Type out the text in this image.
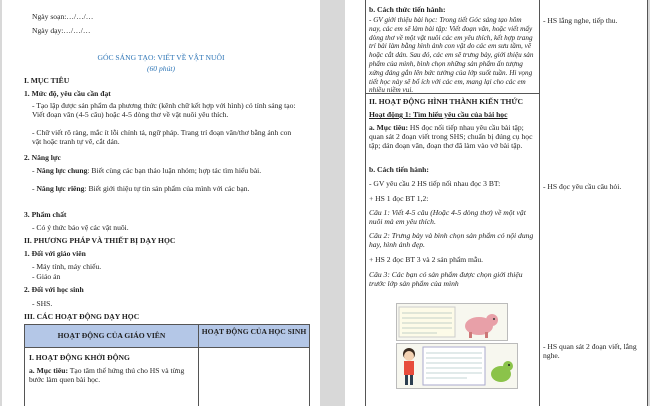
Ngày soạn:…/…/…
Ngày dạy:…/…/…
GÓC SÁNG TẠO: VIẾT VỀ VẬT NUÔI
(60 phút)
I. MỤC TIÊU
1. Mức độ, yêu cầu cần đạt
- Tạo lập được sản phẩm đa phương thức (kênh chữ kết hợp với hình) có tính sáng tạo: Viết đoạn văn (4-5 câu) hoặc 4-5 dòng thơ về vật nuôi yêu thích.
- Chữ viết rõ ràng, mắc ít lỗi chính tả, ngữ pháp. Trang trí đoạn văn/thơ bằng ảnh con vật hoặc tranh tự vẽ, cắt dán.
2. Năng lực
- Năng lực chung: Biết cùng các bạn thảo luận nhóm; hợp tác tìm hiểu bài.
- Năng lực riêng: Biết giới thiệu tự tin sản phẩm của mình với các bạn.
3. Phẩm chất
- Có ý thức bảo vệ các vật nuôi.
II. PHƯƠNG PHÁP VÀ THIẾT BỊ DẠY HỌC
1. Đối với giáo viên
- Máy tính, máy chiếu.
- Giáo án
2. Đối với học sinh
- SHS.
III. CÁC HOẠT ĐỘNG DẠY HỌC
HOẠT ĐỘNG CỦA GIÁO VIÊN	HOẠT ĐỘNG CỦA HỌC SINH
I. HOẠT ĐỘNG KHỞI ĐỘNG
a. Mục tiêu: Tạo tâm thế hứng thú cho HS và từng bước làm quen bài học.
b. Cách thức tiến hành:
- GV giới thiệu bài học: Trong tiết Góc sáng tạo hôm nay, các em sẽ làm bài tập: Viết đoạn văn, hoặc viết mấy dòng thơ về một vật nuôi các em yêu thích, kết hợp trang trí bài làm bằng hình ảnh con vật do các em sưu tầm, vẽ hoặc cắt dán. Sau đó, các em sẽ trưng bày, giới thiệu sản phẩm của mình, bình chọn những sản phẩm ấn tượng xứng đáng gắn lên bức tường của lớp suốt tuần. Hi vọng tiết học này sẽ bổ ích với các em, mang lại cho các em nhiều niềm vui.
- HS lắng nghe, tiếp thu.
II. HOẠT ĐỘNG HÌNH THÀNH KIẾN THỨC
Hoạt động 1: Tìm hiểu yêu cầu của bài học
a. Mục tiêu: HS đọc nối tiếp nhau yêu cầu bài tập; quan sát 2 đoạn viết trong SHS; chuẩn bị đúng cụ học tập; dán đoạn văn, đoạn thơ đã làm vào vở bài tập.
b. Cách tiến hành:
- GV yêu cầu 2 HS tiếp nối nhau đọc 3 BT:	- HS đọc yêu cầu câu hỏi.
+ HS 1 đọc BT 1,2:
Câu 1: Viết 4-5 câu (Hoặc 4-5 dòng thơ) về một vật nuôi mà em yêu thích.
Câu 2: Trưng bày và bình chọn sản phẩm có nội dung hay, hình ảnh đẹp.
+ HS 2 đọc BT 3 và 2 sản phẩm mẫu.
Câu 3: Các bạn có sản phẩm được chọn giới thiệu trước lớp sản phẩm của mình
- HS quan sát 2 đoạn viết, lắng nghe.
